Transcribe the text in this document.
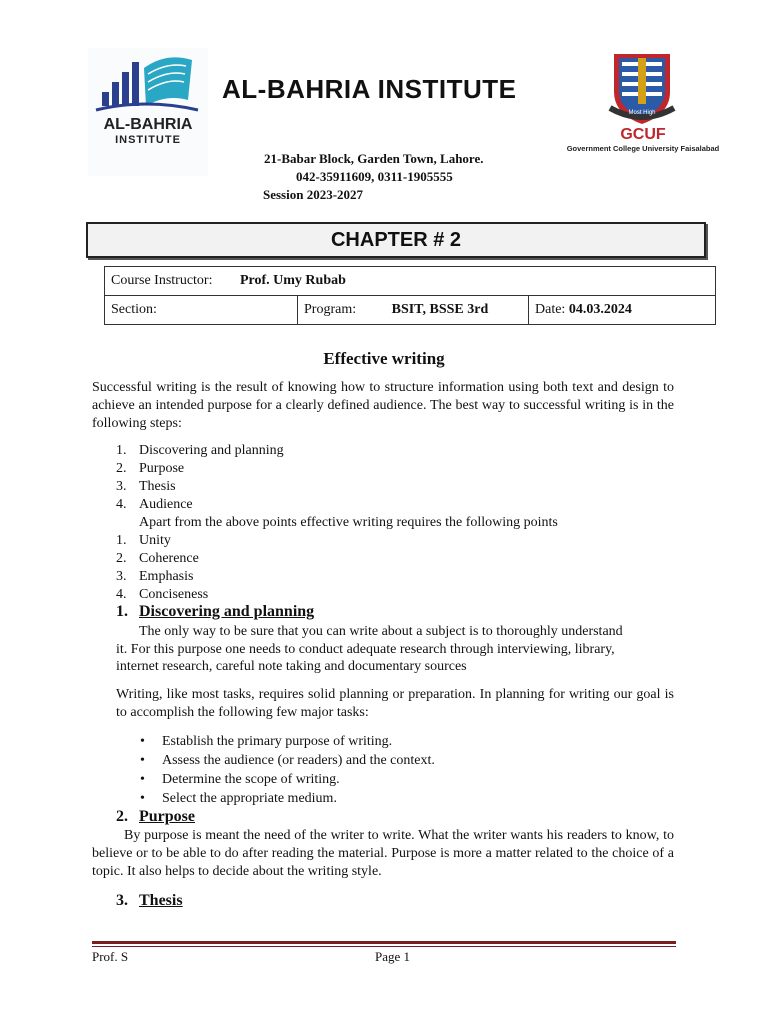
AL-BAHRIA
INSTITUTE
AL-BAHRIA INSTITUTE
Most High
GCUF
Government College University Faisalabad
21-Babar Block, Garden Town, Lahore.
042-35911609, 0311-1905555
Session 2023-2027
CHAPTER # 2
Course Instructor: Prof. Umy Rubab
Section:	Program:	BSIT, BSSE 3rd	Date: 04.03.2024
Effective writing
Successful writing is the result of knowing how to structure information using both text and design to achieve an intended purpose for a clearly defined audience. The best way to successful writing is in the following steps:
1. Discovering and planning
2. Purpose
3. Thesis
4. Audience
Apart from the above points effective writing requires the following points
1. Unity
2. Coherence
3. Emphasis
4. Conciseness
1. Discovering and planning
The only way to be sure that you can write about a subject is to thoroughly understand
it. For this purpose one needs to conduct adequate research through interviewing, library,
internet research, careful note taking and documentary sources
Writing, like most tasks, requires solid planning or preparation. In planning for writing our goal is to accomplish the following few major tasks:
• Establish the primary purpose of writing.
• Assess the audience (or readers) and the context.
• Determine the scope of writing.
• Select the appropriate medium.
2. Purpose
By purpose is meant the need of the writer to write. What the writer wants his readers to know, to believe or to be able to do after reading the material. Purpose is more a matter related to the choice of a topic. It also helps to decide about the writing style.
3. Thesis
Prof. S	Page 1
